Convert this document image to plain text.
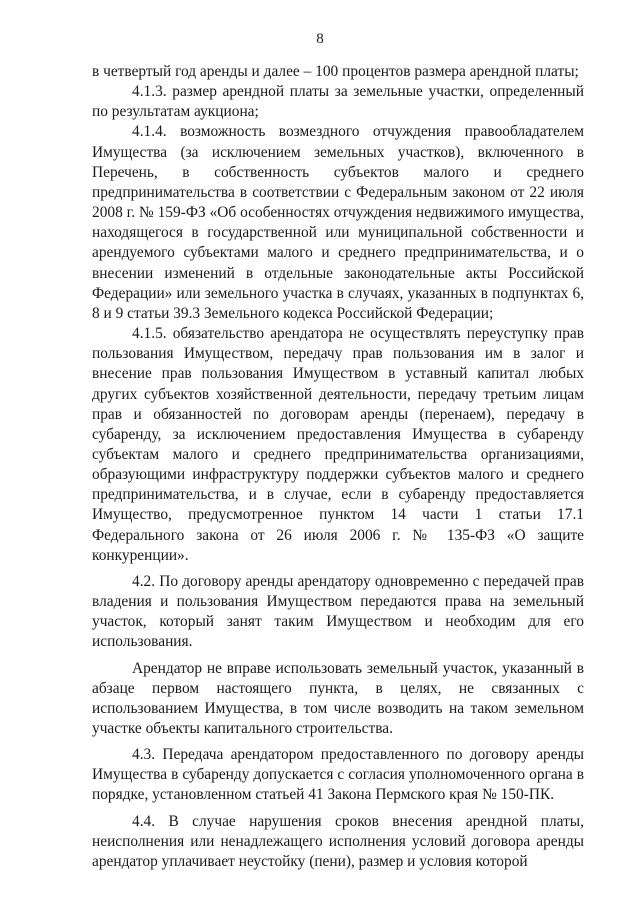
8

в четвертый год аренды и далее – 100 процентов размера арендной платы;

4.1.3. размер арендной платы за земельные участки, определенный по результатам аукциона;

4.1.4. возможность возмездного отчуждения правообладателем Имущества (за исключением земельных участков), включенного в Перечень, в собственность субъектов малого и среднего предпринимательства в соответствии с Федеральным законом от 22 июля 2008 г. № 159-ФЗ «Об особенностях отчуждения недвижимого имущества, находящегося в государственной или муниципальной собственности и арендуемого субъектами малого и среднего предпринимательства, и о внесении изменений в отдельные законодательные акты Российской Федерации» или земельного участка в случаях, указанных в подпунктах 6, 8 и 9 статьи 39.3 Земельного кодекса Российской Федерации;

4.1.5. обязательство арендатора не осуществлять переуступку прав пользования Имуществом, передачу прав пользования им в залог и внесение прав пользования Имуществом в уставный капитал любых других субъектов хозяйственной деятельности, передачу третьим лицам прав и обязанностей по договорам аренды (перенаем), передачу в субаренду, за исключением предоставления Имущества в субаренду субъектам малого и среднего предпринимательства организациями, образующими инфраструктуру поддержки субъектов малого и среднего предпринимательства, и в случае, если в субаренду предоставляется Имущество, предусмотренное пунктом 14 части 1 статьи 17.1 Федерального закона от 26 июля 2006 г. № 135-ФЗ «О защите конкуренции».

4.2. По договору аренды арендатору одновременно с передачей прав владения и пользования Имуществом передаются права на земельный участок, который занят таким Имуществом и необходим для его использования.

Арендатор не вправе использовать земельный участок, указанный в абзаце первом настоящего пункта, в целях, не связанных с использованием Имущества, в том числе возводить на таком земельном участке объекты капитального строительства.

4.3. Передача арендатором предоставленного по договору аренды Имущества в субаренду допускается с согласия уполномоченного органа в порядке, установленном статьей 41 Закона Пермского края № 150-ПК.

4.4. В случае нарушения сроков внесения арендной платы, неисполнения или ненадлежащего исполнения условий договора аренды арендатор уплачивает неустойку (пени), размер и условия которой
